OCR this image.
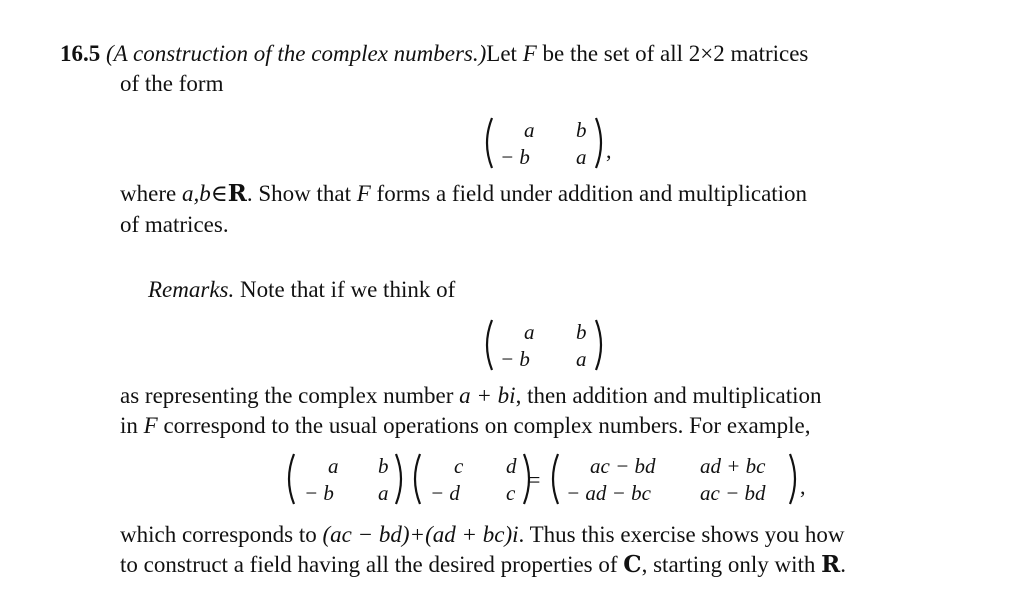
16.5 (A construction of the complex numbers.)Let F be the set of all 2×2 matrices
of the form
a b
− b a ,
where a,b∈R. Show that F forms a field under addition and multiplication
of matrices.
Remarks. Note that if we think of
a b
− b a
as representing the complex number a + bi, then addition and multiplication
in F correspond to the usual operations on complex numbers. For example,
a b
− b a
c d
− d c
=
ac − bd ad + bc
− ad − bc ac − bd ,
which corresponds to (ac − bd)+(ad + bc)i. Thus this exercise shows you how
to construct a field having all the desired properties of C, starting only with R.
